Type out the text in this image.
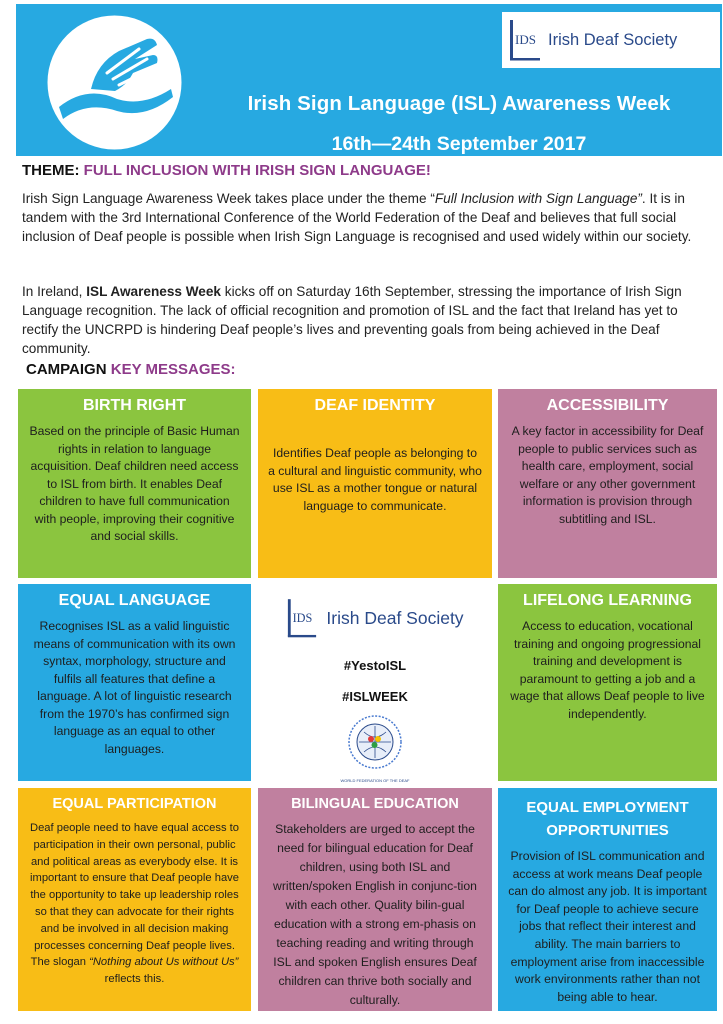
IDS Irish Deaf Society
Irish Sign Language (ISL) Awareness Week
16th—24th September 2017
THEME: FULL INCLUSION WITH IRISH SIGN LANGUAGE!

Irish Sign Language Awareness Week takes place under the theme “Full Inclusion with Sign Language”. It is in tandem with the 3rd International Conference of the World Federation of the Deaf and believes that full social inclusion of Deaf people is possible when Irish Sign Language is recognised and used widely within our society.

In Ireland, ISL Awareness Week kicks off on Saturday 16th September, stressing the importance of Irish Sign Language recognition. The lack of official recognition and promotion of ISL and the fact that Ireland has yet to rectify the UNCRPD is hindering Deaf people’s lives and preventing goals from being achieved in the Deaf community.

CAMPAIGN KEY MESSAGES:
BIRTH RIGHT

Based on the principle of Basic Human rights in relation to language acquisition. Deaf children need access to ISL from birth. It enables Deaf children to have full communication with people, improving their cognitive and social skills.

DEAF IDENTITY

Identifies Deaf people as belonging to a cultural and linguistic community, who use ISL as a mother tongue or natural language to communicate.

ACCESSIBILITY

A key factor in accessibility for Deaf people to public services such as health care, employment, social welfare or any other government information is provision through subtitling and ISL.

EQUAL LANGUAGE

Recognises ISL as a valid linguistic means of communication with its own syntax, morphology, structure and fulfils all features that define a language. A lot of linguistic research from the 1970’s has confirmed sign language as an equal to other languages.

IDS Irish Deaf Society
#YestoISL
#ISLWEEK
WORLD FEDERATION OF THE DEAF
LIFELONG LEARNING

Access to education, vocational training and ongoing progressional training and development is paramount to getting a job and a wage that allows Deaf people to live independently.

EQUAL PARTICIPATION

Deaf people need to have equal access to participation in their own personal, public and political areas as everybody else. It is important to ensure that Deaf people have the opportunity to take up leadership roles so that they can advocate for their rights and be involved in all decision making processes concerning Deaf people lives. The slogan “Nothing about Us without Us” reflects this.

BILINGUAL EDUCATION

Stakeholders are urged to accept the need for bilingual education for Deaf children, using both ISL and written/spoken English in conjunc-tion with each other. Quality bilin-gual education with a strong em-phasis on teaching reading and writing through ISL and spoken English ensures Deaf children can thrive both socially and culturally.

EQUAL EMPLOYMENT OPPORTUNITIES

Provision of ISL communication and access at work means Deaf people can do almost any job. It is important for Deaf people to achieve secure jobs that reflect their interest and ability. The main barriers to employment arise from inaccessible work environments rather than not being able to hear.
